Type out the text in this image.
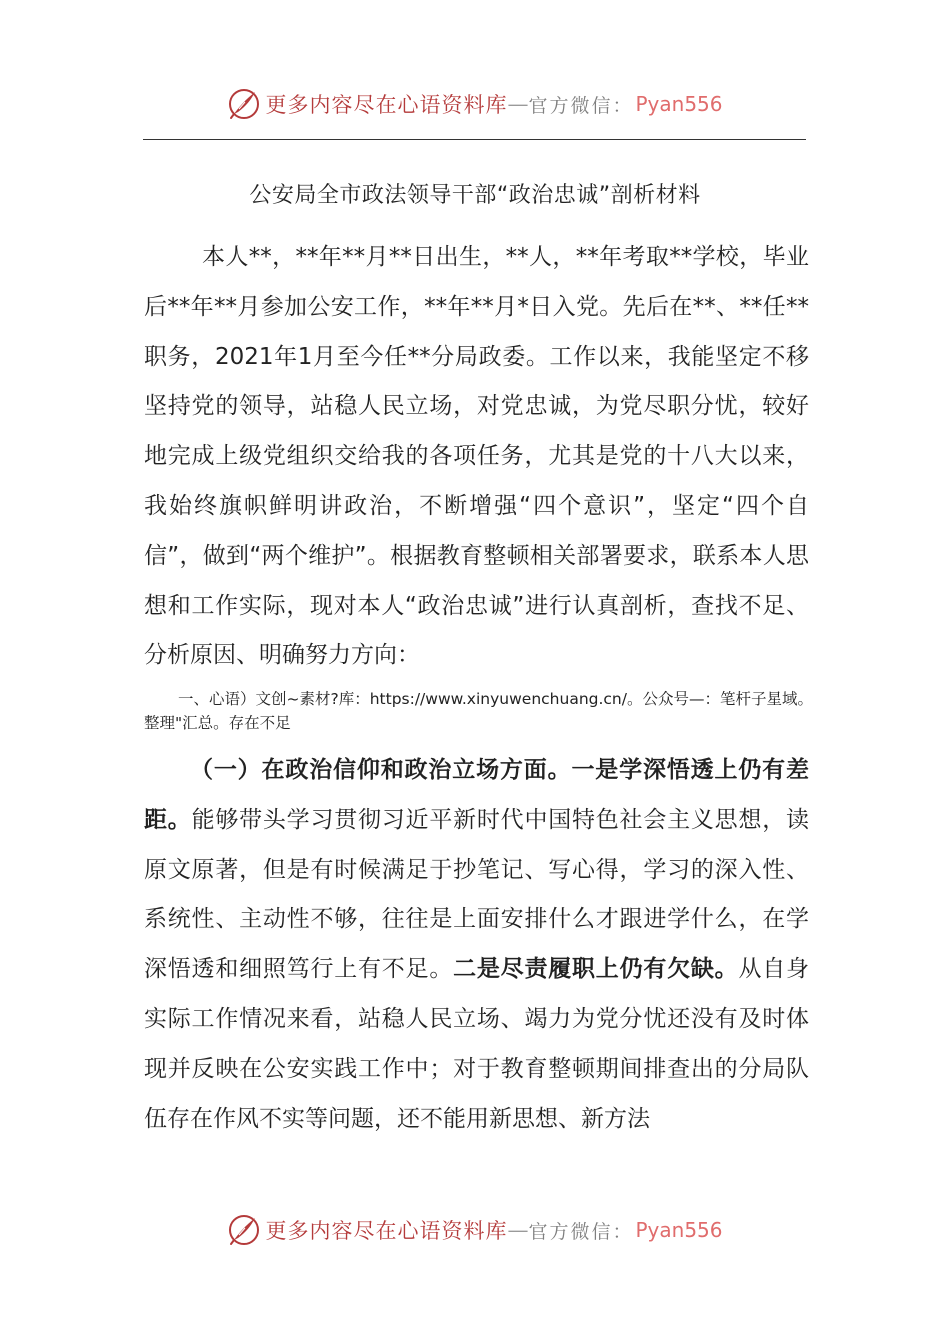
更多内容尽在心语资料库 — 官方微信： Pyan556
公安局全市政法领导干部“政治忠诚”剖析材料

本人**，**年**月**日出生，**人，**年考取**学校，毕业后**年**月参加公安工作，**年**月*日入党。先后在**、**任**职务，2021年1月至今任**分局政委。工作以来，我能坚定不移坚持党的领导，站稳人民立场，对党忠诚，为党尽职分忧，较好地完成上级党组织交给我的各项任务，尤其是党的十八大以来，我始终旗帜鲜明讲政治，不断增强“四个意识”，坚定“四个自信”，做到“两个维护”。根据教育整顿相关部署要求，联系本人思想和工作实际，现对本人“政治忠诚”进行认真剖析，查找不足、分析原因、明确努力方向：

一、心语）文创~素材?库：https://www.xinyuwenchuang.cn/。公众号—：笔杆子星域。整理"汇总。存在不足

（一）在政治信仰和政治立场方面。一是学深悟透上仍有差距。能够带头学习贯彻习近平新时代中国特色社会主义思想，读原文原著，但是有时候满足于抄笔记、写心得，学习的深入性、系统性、主动性不够，往往是上面安排什么才跟进学什么，在学深悟透和细照笃行上有不足。二是尽责履职上仍有欠缺。从自身实际工作情况来看，站稳人民立场、竭力为党分忧还没有及时体现并反映在公安实践工作中；对于教育整顿期间排查出的分局队伍存在作风不实等问题，还不能用新思想、新方法

更多内容尽在心语资料库 — 官方微信： Pyan556
